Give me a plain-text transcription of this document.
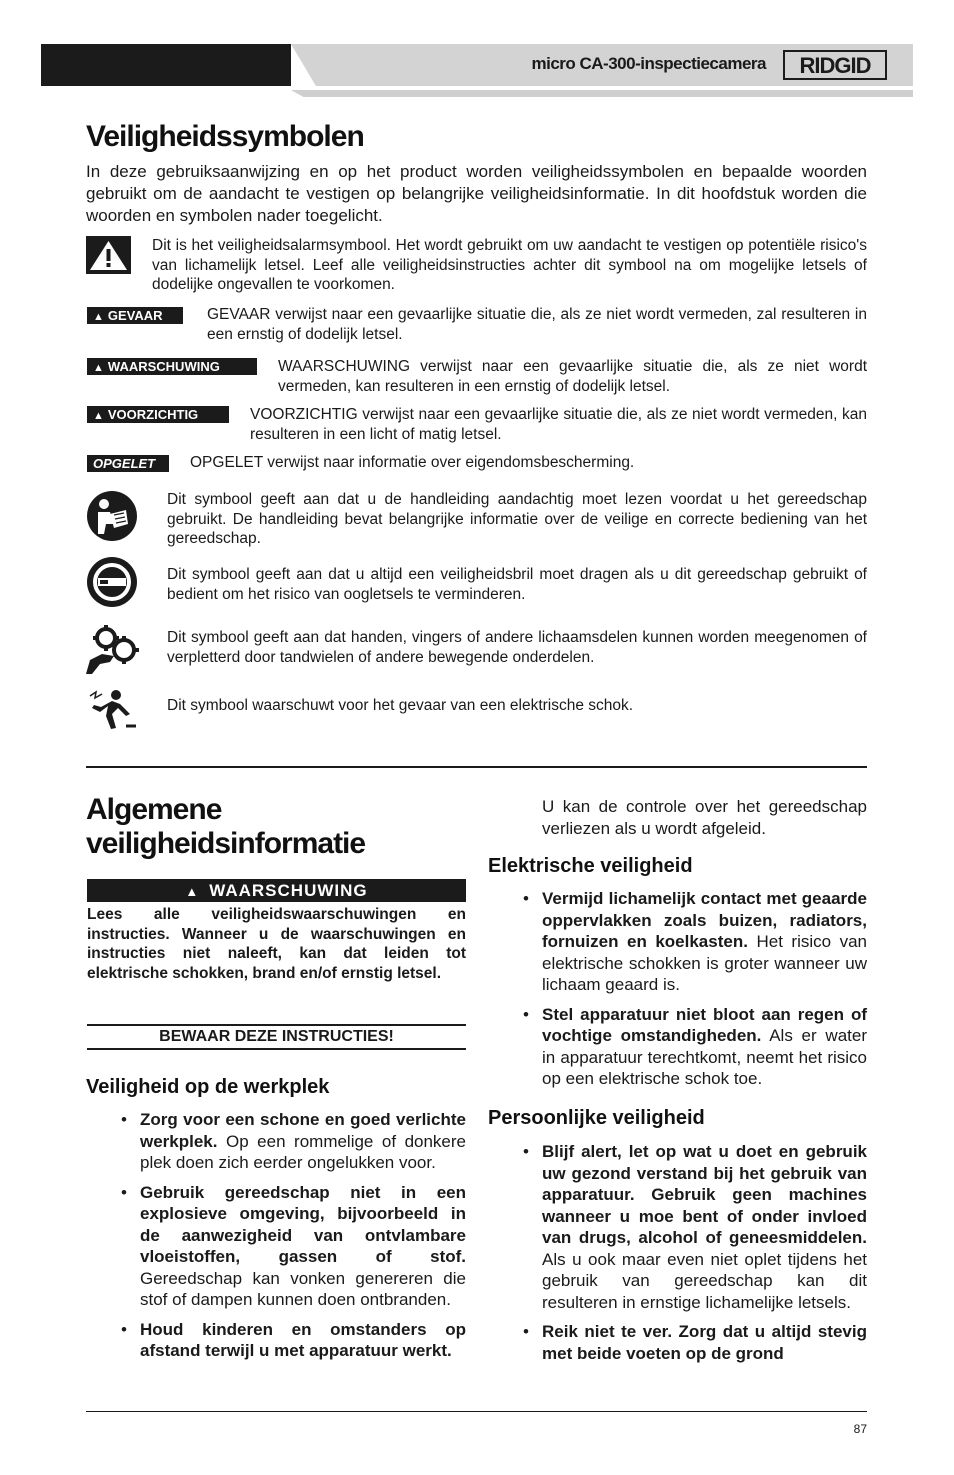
micro CA-300-inspectiecamera RIDGID
Veiligheidssymbolen

In deze gebruiksaanwijzing en op het product worden veiligheidssymbolen en bepaalde woorden gebruikt om de aandacht te vestigen op belangrijke veiligheidsinformatie. In dit hoofdstuk worden die woorden en symbolen nader toegelicht.

Dit is het veiligheidsalarmsymbool. Het wordt gebruikt om uw aandacht te vestigen op potentiële risico's van lichamelijk letsel. Leef alle veiligheidsinstructies achter dit symbool na om mogelijke letsels of dodelijke ongevallen te voorkomen.

▲ GEVAAR	GEVAAR verwijst naar een gevaarlijke situatie die, als ze niet wordt vermeden, zal resulteren in een ernstig of dodelijk letsel.

▲ WAARSCHUWING	WAARSCHUWING verwijst naar een gevaarlijke situatie die, als ze niet wordt vermeden, kan resulteren in een ernstig of dodelijk letsel.

▲ VOORZICHTIG	VOORZICHTIG verwijst naar een gevaarlijke situatie die, als ze niet wordt vermeden, kan resulteren in een licht of matig letsel.

OPGELET	OPGELET verwijst naar informatie over eigendomsbescherming.

Dit symbool geeft aan dat u de handleiding aandachtig moet lezen voordat u het gereedschap gebruikt. De handleiding bevat belangrijke informatie over de veilige en correcte bediening van het gereedschap.

Dit symbool geeft aan dat u altijd een veiligheidsbril moet dragen als u dit gereedschap gebruikt of bedient om het risico van oogletsels te verminderen.

Dit symbool geeft aan dat handen, vingers of andere lichaamsdelen kunnen worden meegenomen of verpletterd door tandwielen of andere bewegende onderdelen.

Dit symbool waarschuwt voor het gevaar van een elektrische schok.

Algemene veiligheidsinformatie
▲ WAARSCHUWING

Lees alle veiligheidswaarschuwingen en instructies. Wanneer u de waarschuwingen en instructies niet naleeft, kan dat leiden tot elektrische schokken, brand en/of ernstig letsel.

BEWAAR DEZE INSTRUCTIES!
Veiligheid op de werkplek
• Zorg voor een schone en goed verlichte werkplek. Op een rommelige of donkere plek doen zich eerder ongelukken voor.
• Gebruik gereedschap niet in een explosieve omgeving, bijvoorbeeld in de aanwezigheid van ontvlambare vloeistoffen, gassen of stof. Gereedschap kan vonken genereren die stof of dampen kunnen doen ontbranden.
• Houd kinderen en omstanders op afstand terwijl u met apparatuur werkt.

U kan de controle over het gereedschap verliezen als u wordt afgeleid.

Elektrische veiligheid
• Vermijd lichamelijk contact met geaarde oppervlakken zoals buizen, radiators, fornuizen en koelkasten. Het risico van elektrische schokken is groter wanneer uw lichaam geaard is.
• Stel apparatuur niet bloot aan regen of vochtige omstandigheden. Als er water in apparatuur terechtkomt, neemt het risico op een elektrische schok toe.
Persoonlijke veiligheid
• Blijf alert, let op wat u doet en gebruik uw gezond verstand bij het gebruik van apparatuur. Gebruik geen machines wanneer u moe bent of onder invloed van drugs, alcohol of geneesmiddelen. Als u ook maar even niet oplet tijdens het gebruik van gereedschap kan dit resulteren in ernstige lichamelijke letsels.
• Reik niet te ver. Zorg dat u altijd stevig met beide voeten op de grond
87
